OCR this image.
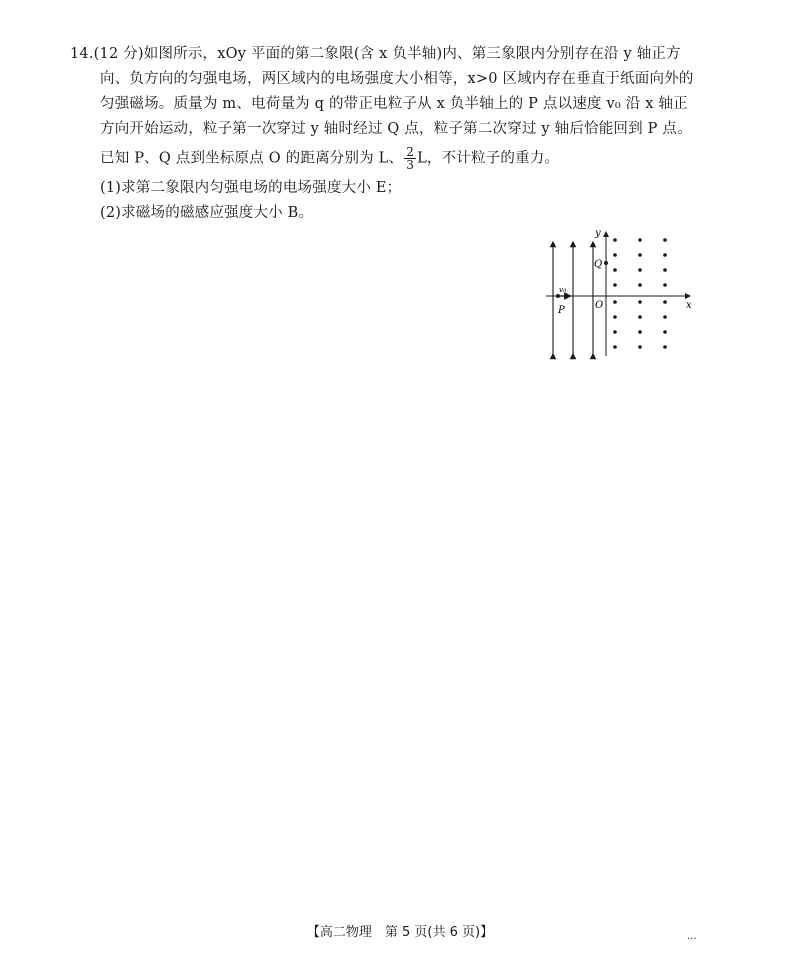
14.(12 分)如图所示，xOy 平面的第二象限(含 x 负半轴)内、第三象限内分别存在沿 y 轴正方
向、负方向的匀强电场，两区域内的电场强度大小相等，x>0 区域内存在垂直于纸面向外的
匀强磁场。质量为 m、电荷量为 q 的带正电粒子从 x 负半轴上的 P 点以速度 v₀ 沿 x 轴正
方向开始运动，粒子第一次穿过 y 轴时经过 Q 点，粒子第二次穿过 y 轴后恰能回到 P 点。
已知 P、Q 点到坐标原点 O 的距离分别为 L、 $\frac{2}{3}$ L，不计粒子的重力。
(1)求第二象限内匀强电场的电场强度大小 E；
(2)求磁场的磁感应强度大小 B。
y
x
O
Q
P
v₀
【高二物理　第 5 页(共 6 页)】	...
